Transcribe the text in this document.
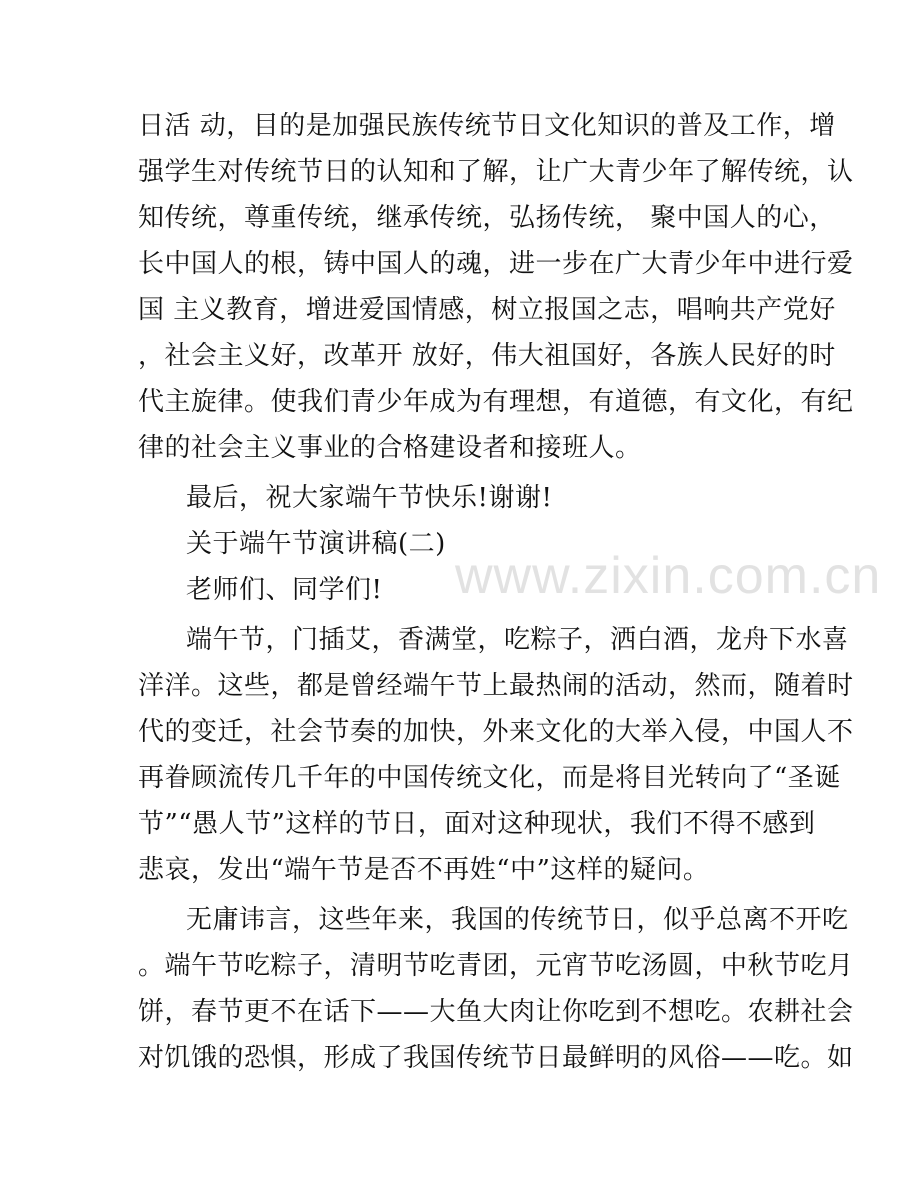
日活 动，目的是加强民族传统节日文化知识的普及工作，增
强学生对传统节日的认知和了解，让广大青少年了解传统，认
知传统，尊重传统，继承传统，弘扬传统， 聚中国人的心，
长中国人的根，铸中国人的魂，进一步在广大青少年中进行爱
国 主义教育，增进爱国情感，树立报国之志，唱响共产党好
，社会主义好，改革开 放好，伟大祖国好，各族人民好的时
代主旋律。使我们青少年成为有理想，有道德，有文化，有纪
律的社会主义事业的合格建设者和接班人。
最后，祝大家端午节快乐!谢谢!
关于端午节演讲稿(二)
老师们、同学们!
端午节，门插艾，香满堂，吃粽子，洒白酒，龙舟下水喜
洋洋。这些，都是曾经端午节上最热闹的活动，然而，随着时
代的变迁，社会节奏的加快，外来文化的大举入侵，中国人不
再眷顾流传几千年的中国传统文化，而是将目光转向了“圣诞
节”“愚人节”这样的节日，面对这种现状，我们不得不感到
悲哀，发出“端午节是否不再姓“中”这样的疑问。
无庸讳言，这些年来，我国的传统节日，似乎总离不开吃
。端午节吃粽子，清明节吃青团，元宵节吃汤圆，中秋节吃月
饼，春节更不在话下——大鱼大肉让你吃到不想吃。农耕社会
对饥饿的恐惧，形成了我国传统节日最鲜明的风俗——吃。如
www.zixin.com.cn
